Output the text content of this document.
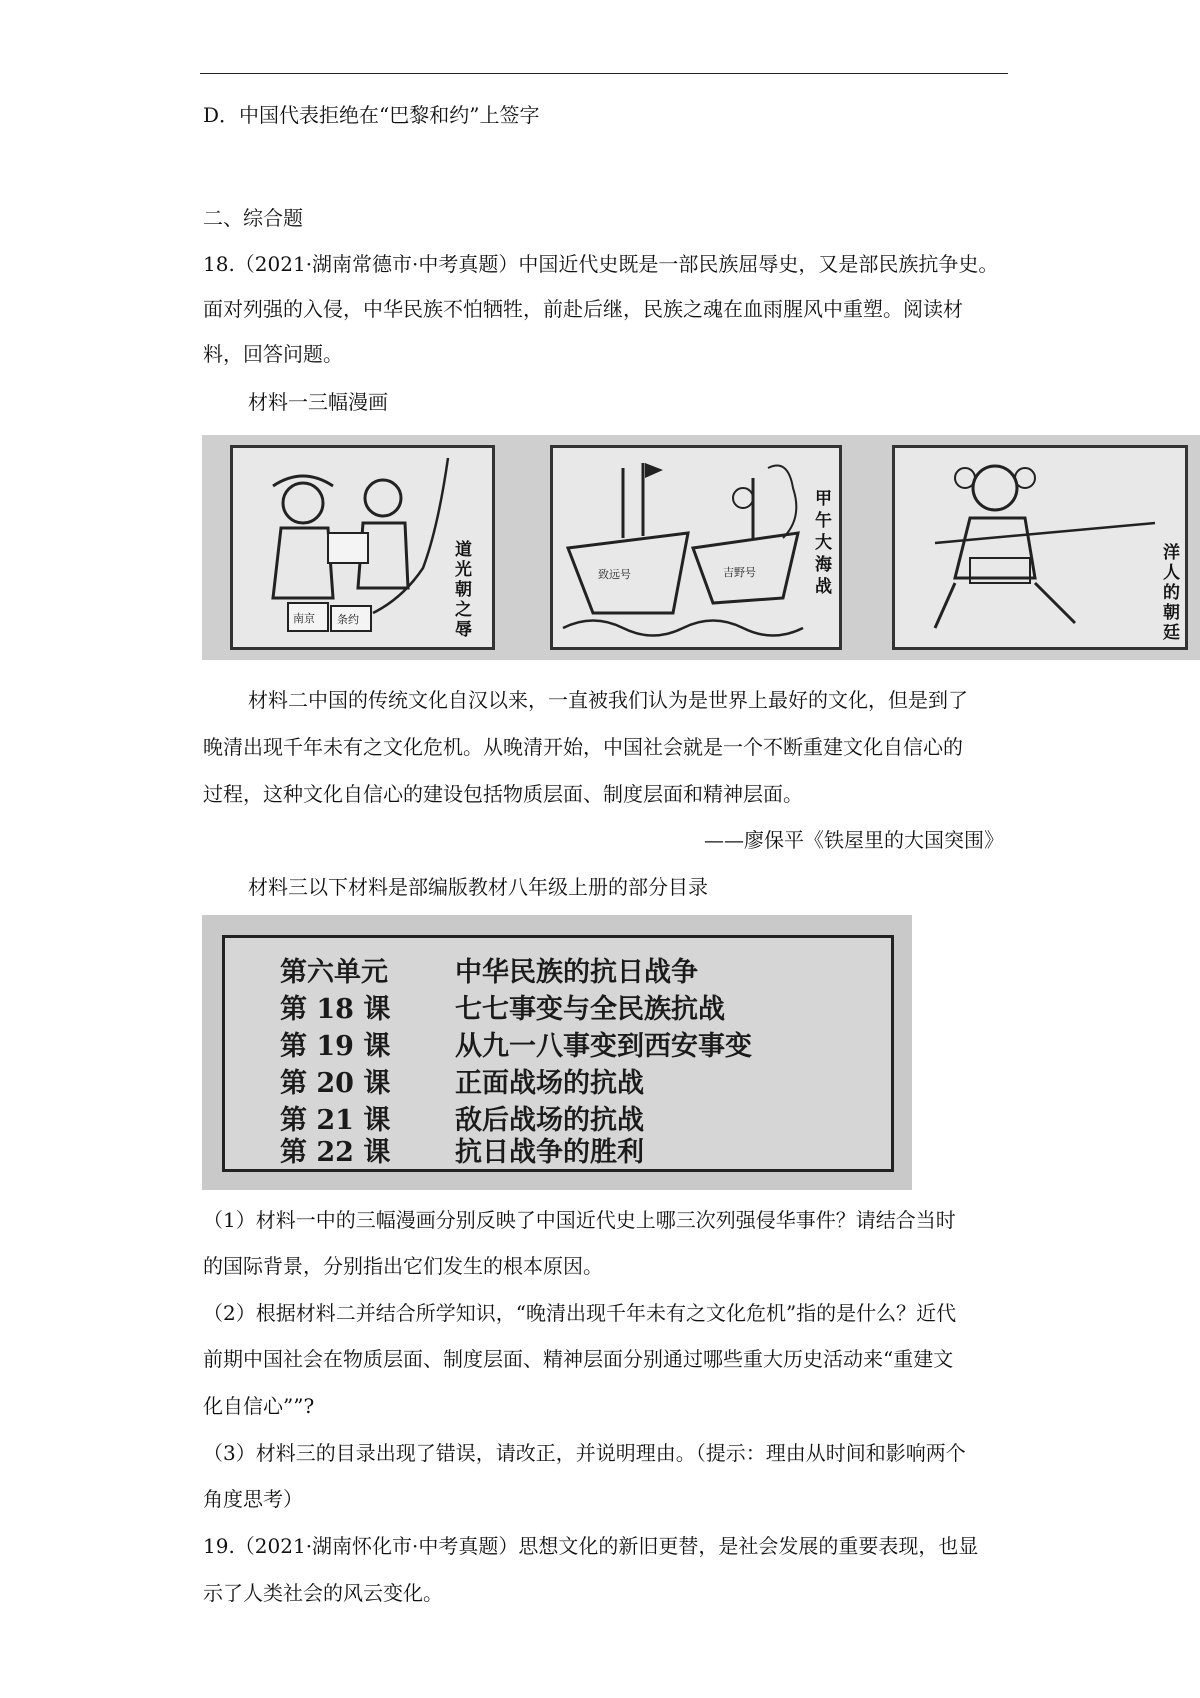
D．中国代表拒绝在“巴黎和约”上签字
二、综合题
18.（2021·湖南常德市·中考真题）中国近代史既是一部民族屈辱史，又是部民族抗争史。
面对列强的入侵，中华民族不怕牺牲，前赴后继，民族之魂在血雨腥风中重塑。阅读材
料，回答问题。
材料一三幅漫画
南京 条约
道光朝之辱
致远号	吉野号
甲午大海战
洋人的朝廷
材料二中国的传统文化自汉以来，一直被我们认为是世界上最好的文化，但是到了
晚清出现千年未有之文化危机。从晚清开始，中国社会就是一个不断重建文化自信心的
过程，这种文化自信心的建设包括物质层面、制度层面和精神层面。
——廖保平《铁屋里的大国突围》
材料三以下材料是部编版教材八年级上册的部分目录
第六单元 中华民族的抗日战争
第 18 课 七七事变与全民族抗战
第 19 课 从九一八事变到西安事变
第 20 课 正面战场的抗战
第 21 课 敌后战场的抗战
第 22 课 抗日战争的胜利
（1）材料一中的三幅漫画分别反映了中国近代史上哪三次列强侵华事件？请结合当时
的国际背景，分别指出它们发生的根本原因。
（2）根据材料二并结合所学知识，“晚清出现千年未有之文化危机”指的是什么？近代
前期中国社会在物质层面、制度层面、精神层面分别通过哪些重大历史活动来“重建文
化自信心””?
（3）材料三的目录出现了错误，请改正，并说明理由。（提示：理由从时间和影响两个
角度思考）
19.（2021·湖南怀化市·中考真题）思想文化的新旧更替，是社会发展的重要表现，也显
示了人类社会的风云变化。
